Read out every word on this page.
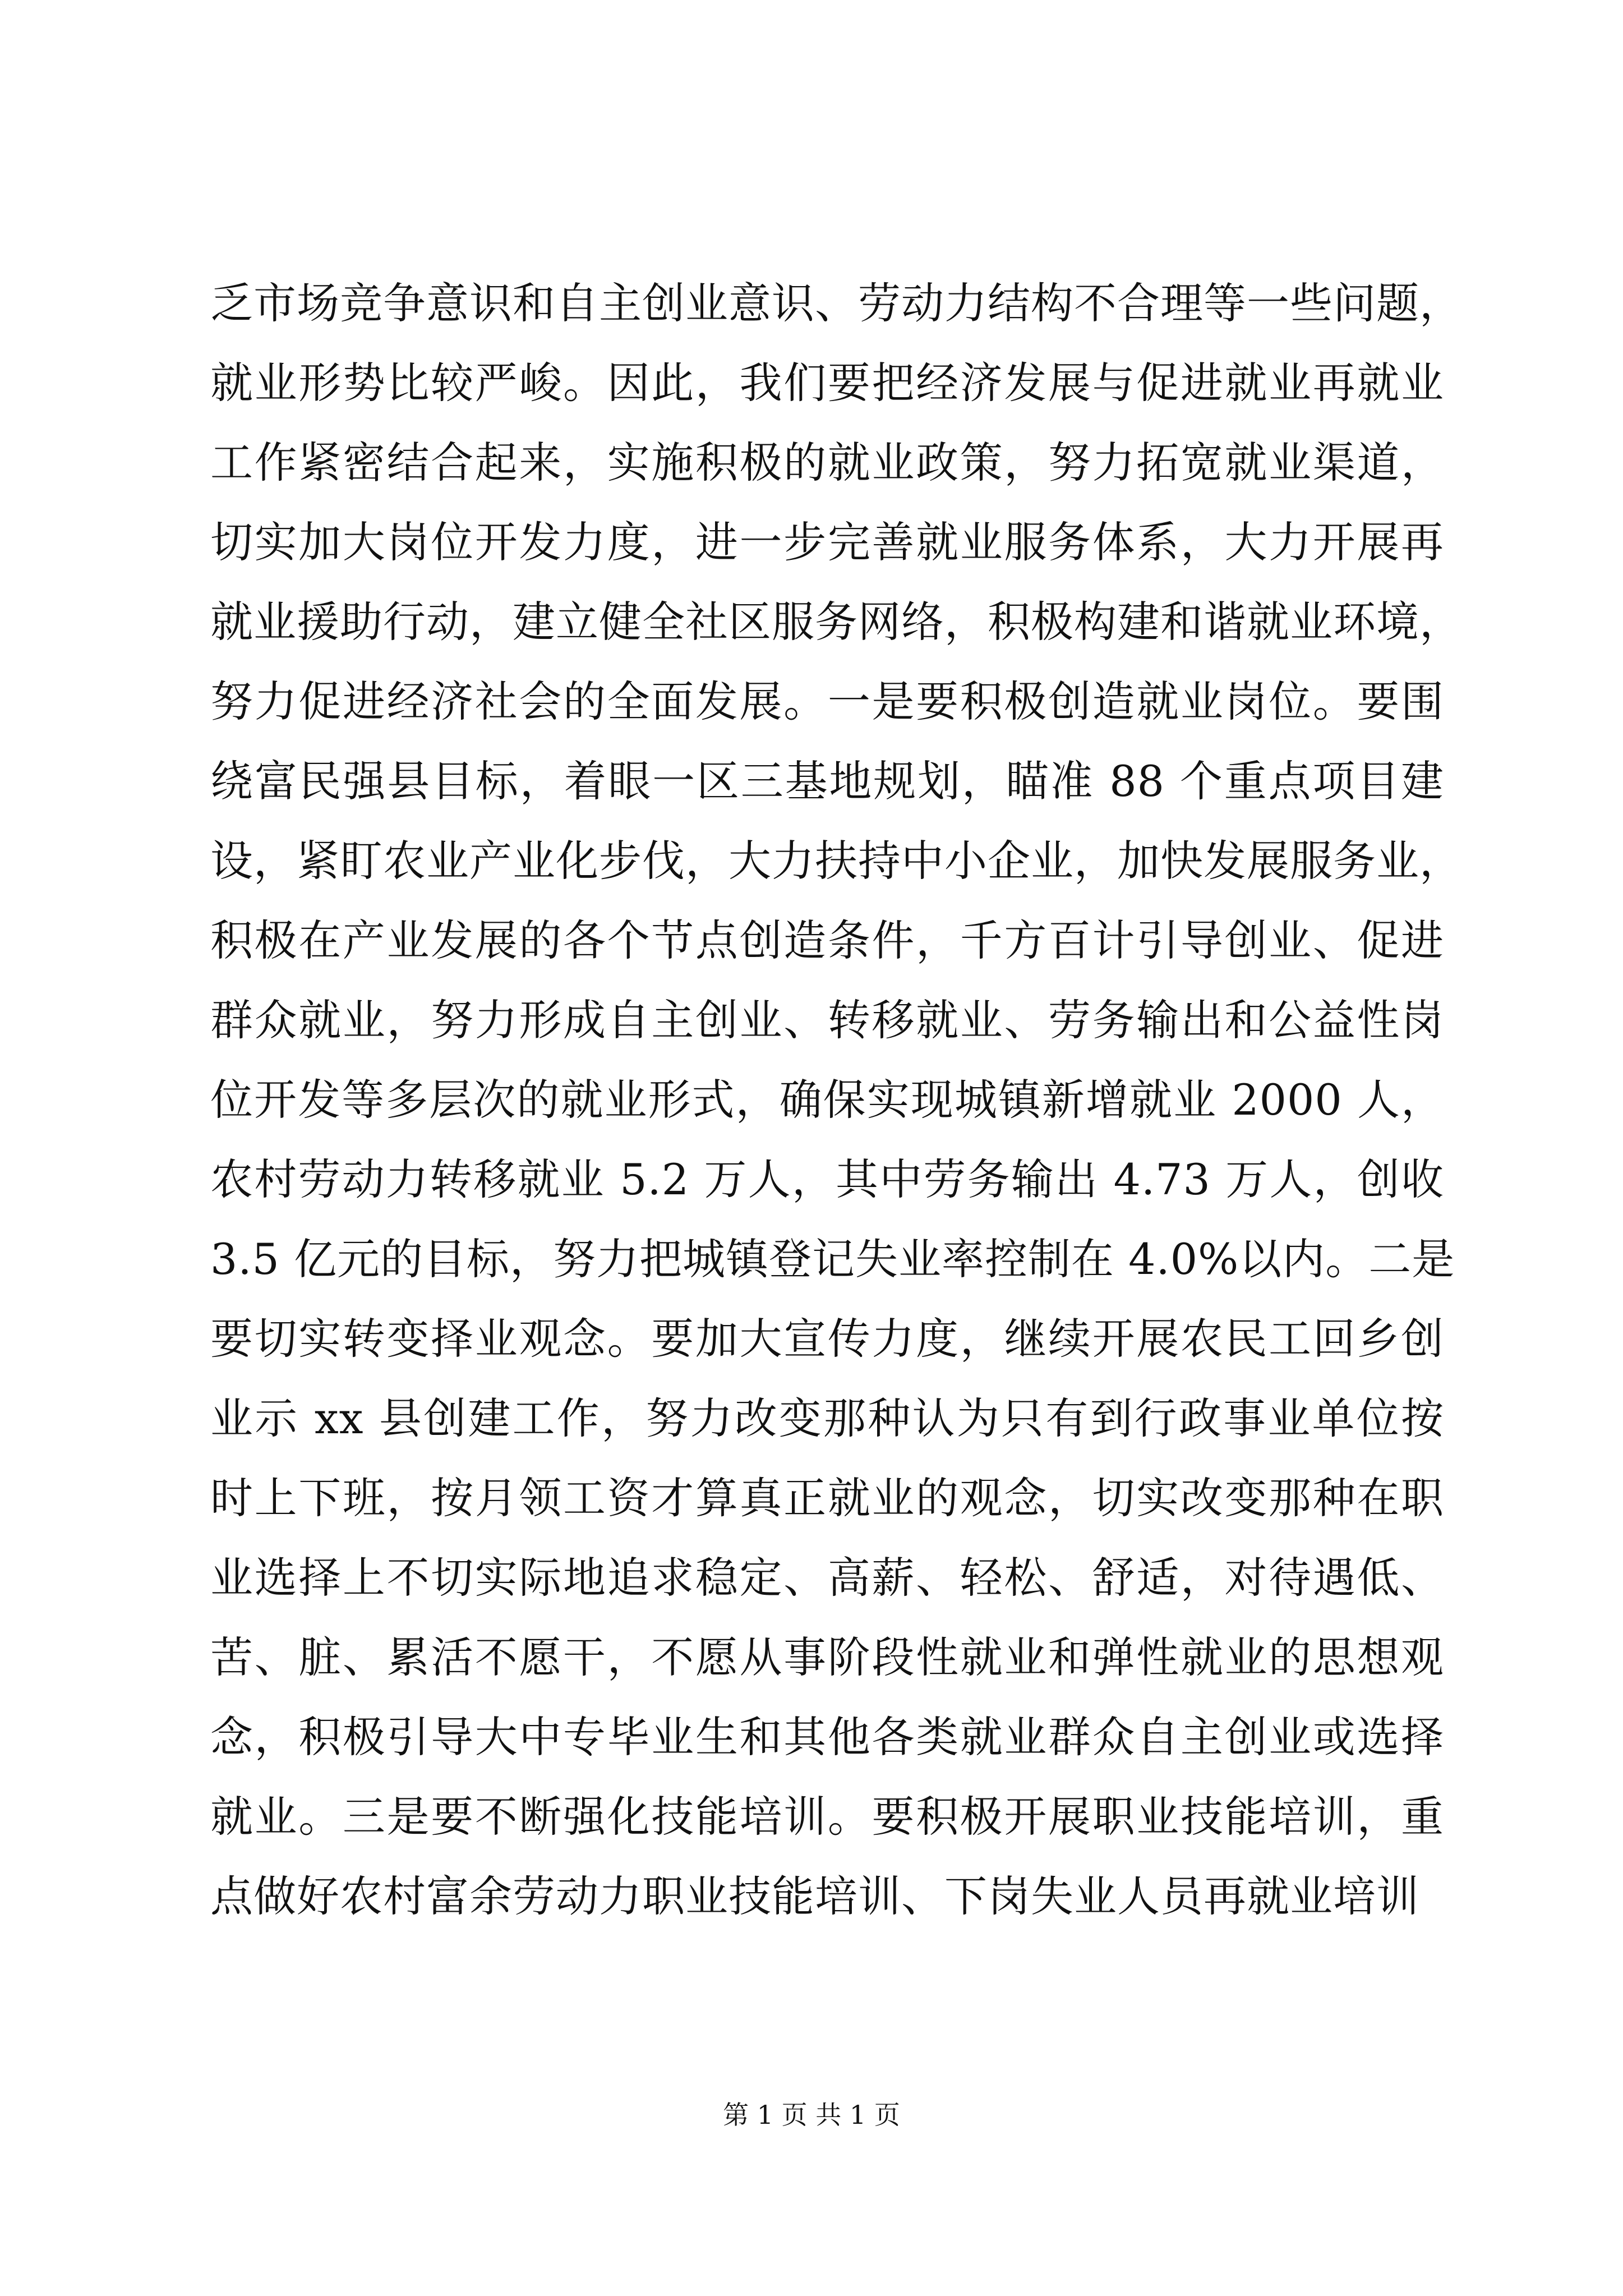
乏市场竞争意识和自主创业意识、劳动力结构不合理等一些问题，
就业形势比较严峻。因此，我们要把经济发展与促进就业再就业
工作紧密结合起来，实施积极的就业政策，努力拓宽就业渠道，
切实加大岗位开发力度，进一步完善就业服务体系，大力开展再
就业援助行动，建立健全社区服务网络，积极构建和谐就业环境，
努力促进经济社会的全面发展。一是要积极创造就业岗位。要围
绕富民强县目标，着眼一区三基地规划，瞄准 88 个重点项目建
设，紧盯农业产业化步伐，大力扶持中小企业，加快发展服务业，
积极在产业发展的各个节点创造条件，千方百计引导创业、促进
群众就业，努力形成自主创业、转移就业、劳务输出和公益性岗
位开发等多层次的就业形式，确保实现城镇新增就业 2000 人，
农村劳动力转移就业 5.2 万人，其中劳务输出 4.73 万人，创收
3.5 亿元的目标，努力把城镇登记失业率控制在 4.0%以内。二是
要切实转变择业观念。要加大宣传力度，继续开展农民工回乡创
业示 xx 县创建工作，努力改变那种认为只有到行政事业单位按
时上下班，按月领工资才算真正就业的观念，切实改变那种在职
业选择上不切实际地追求稳定、高薪、轻松、舒适，对待遇低、
苦、脏、累活不愿干，不愿从事阶段性就业和弹性就业的思想观
念，积极引导大中专毕业生和其他各类就业群众自主创业或选择
就业。三是要不断强化技能培训。要积极开展职业技能培训，重
点做好农村富余劳动力职业技能培训、下岗失业人员再就业培训
第 1 页 共 1 页
